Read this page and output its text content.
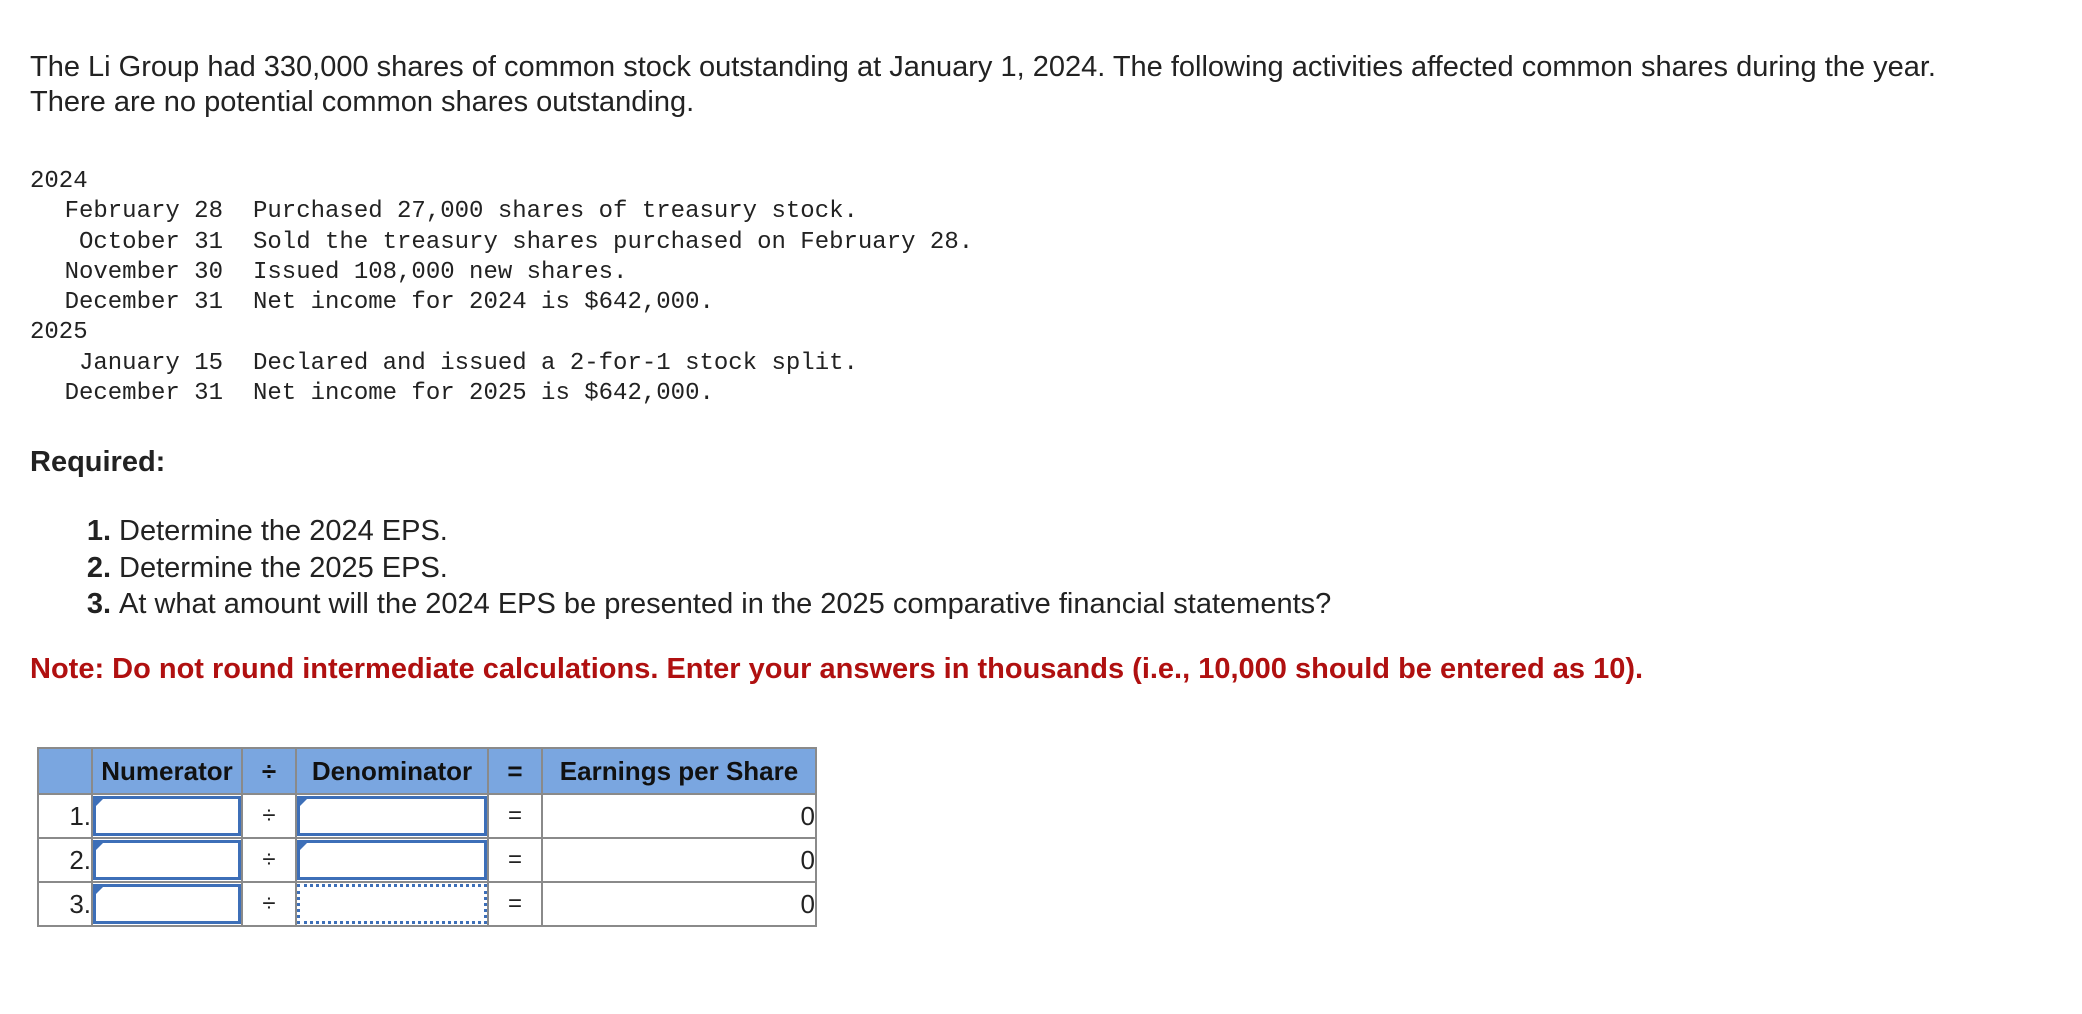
The Li Group had 330,000 shares of common stock outstanding at January 1, 2024. The following activities affected common shares during the year. There are no potential common shares outstanding.

2024
February 28	Purchased 27,000 shares of treasury stock.
October 31	Sold the treasury shares purchased on February 28.
November 30	Issued 108,000 new shares.
December 31	Net income for 2024 is $642,000.
2025
January 15	Declared and issued a 2-for-1 stock split.
December 31	Net income for 2025 is $642,000.
Required:
1. Determine the 2024 EPS.
2. Determine the 2025 EPS.
3. At what amount will the 2024 EPS be presented in the 2025 comparative financial statements?

Note: Do not round intermediate calculations. Enter your answers in thousands (i.e., 10,000 should be entered as 10).

	Numerator	÷	Denominator	=	Earnings per Share
1.		÷		=	0
2.		÷		=	0
3.		÷		=	0
